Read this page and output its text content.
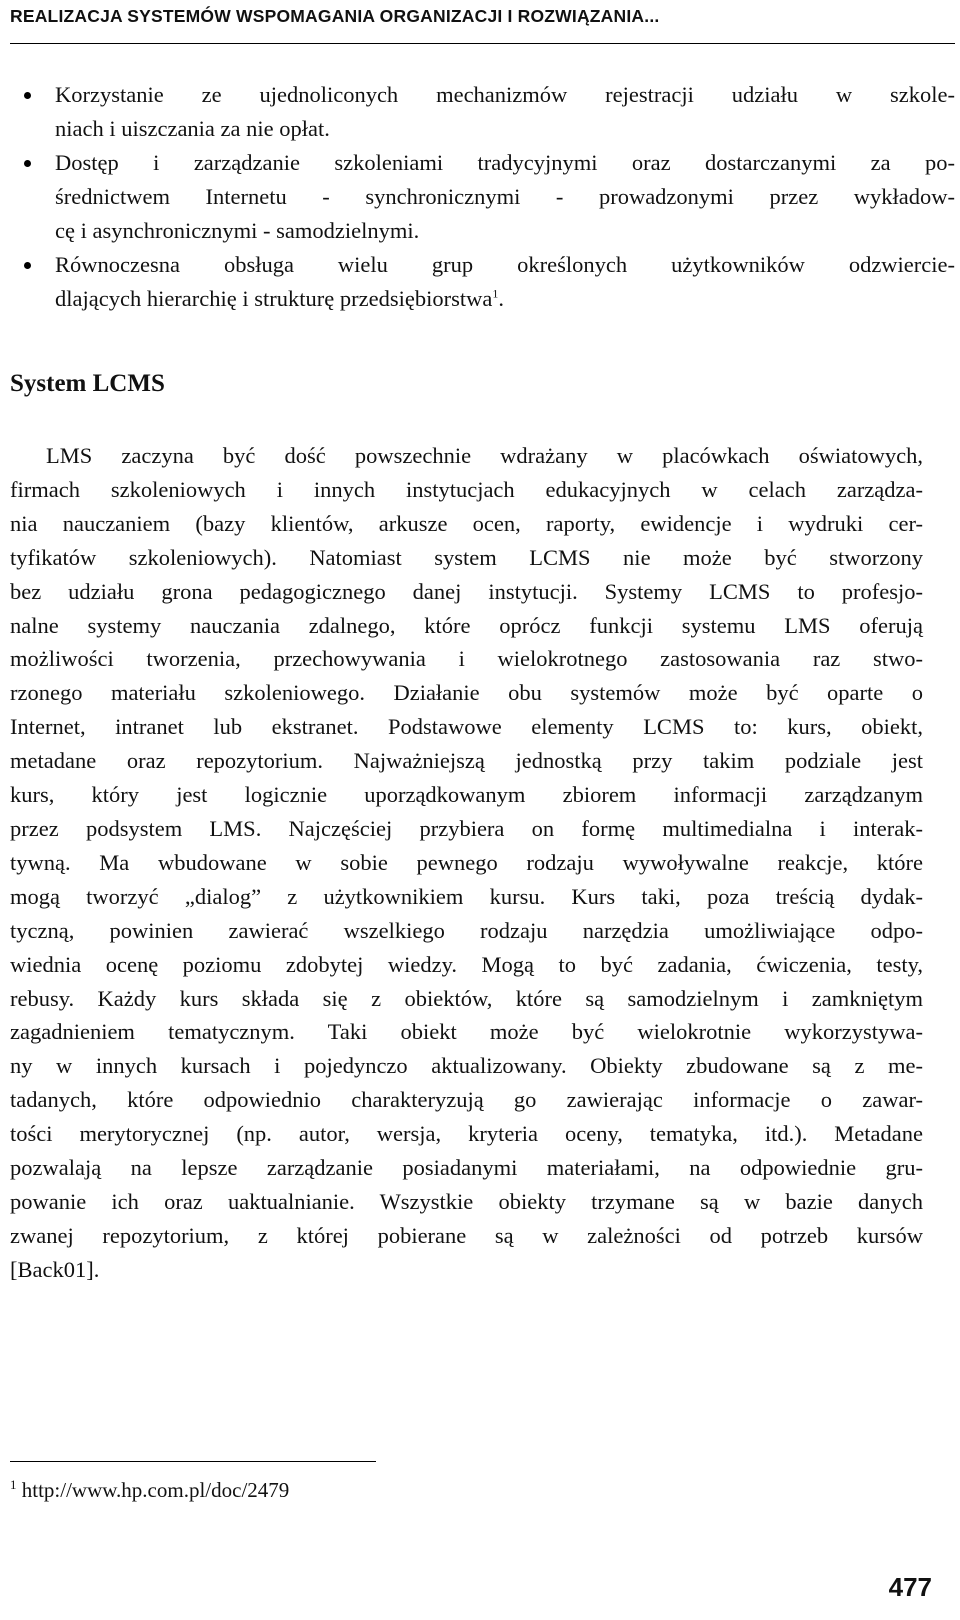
REALIZACJA SYSTEMÓW WSPOMAGANIA ORGANIZACJI I ROZWIĄZANIA...

Korzystanie ze ujednoliconych mechanizmów rejestracji udziału w szkole-
niach i uiszczania za nie opłat.

Dostęp i zarządzanie szkoleniami tradycyjnymi oraz dostarczanymi za po-
średnictwem Internetu - synchronicznymi - prowadzonymi przez wykładow-
cę i asynchronicznymi - samodzielnymi.

Równoczesna obsługa wielu grup określonych użytkowników odzwiercie-
dlających hierarchię i strukturę przedsiębiorstwa$^1$.

System LCMS
LMS zaczyna być dość powszechnie wdrażany w placówkach oświatowych,
firmach szkoleniowych i innych instytucjach edukacyjnych w celach zarządza-
nia nauczaniem (bazy klientów, arkusze ocen, raporty, ewidencje i wydruki cer-
tyfikatów szkoleniowych). Natomiast system LCMS nie może być stworzony
bez udziału grona pedagogicznego danej instytucji. Systemy LCMS to profesjo-
nalne systemy nauczania zdalnego, które oprócz funkcji systemu LMS oferują
możliwości tworzenia, przechowywania i wielokrotnego zastosowania raz stwo-
rzonego materiału szkoleniowego. Działanie obu systemów może być oparte o
Internet, intranet lub ekstranet. Podstawowe elementy LCMS to: kurs, obiekt,
metadane oraz repozytorium. Najważniejszą jednostką przy takim podziale jest
kurs, który jest logicznie uporządkowanym zbiorem informacji zarządzanym
przez podsystem LMS. Najczęściej przybiera on formę multimedialna i interak-
tywną. Ma wbudowane w sobie pewnego rodzaju wywoływalne reakcje, które
mogą tworzyć „dialog” z użytkownikiem kursu. Kurs taki, poza treścią dydak-
tyczną, powinien zawierać wszelkiego rodzaju narzędzia umożliwiające odpo-
wiednia ocenę poziomu zdobytej wiedzy. Mogą to być zadania, ćwiczenia, testy,
rebusy. Każdy kurs składa się z obiektów, które są samodzielnym i zamkniętym
zagadnieniem tematycznym. Taki obiekt może być wielokrotnie wykorzystywa-
ny w innych kursach i pojedynczo aktualizowany. Obiekty zbudowane są z me-
tadanych, które odpowiednio charakteryzują go zawierając informacje o zawar-
tości merytorycznej (np. autor, wersja, kryteria oceny, tematyka, itd.). Metadane
pozwalają na lepsze zarządzanie posiadanymi materiałami, na odpowiednie gru-
powanie ich oraz uaktualnianie. Wszystkie obiekty trzymane są w bazie danych
zwanej repozytorium, z której pobierane są w zależności od potrzeb kursów
[Back01].

$^1$ http://www.hp.com.pl/doc/2479

477
